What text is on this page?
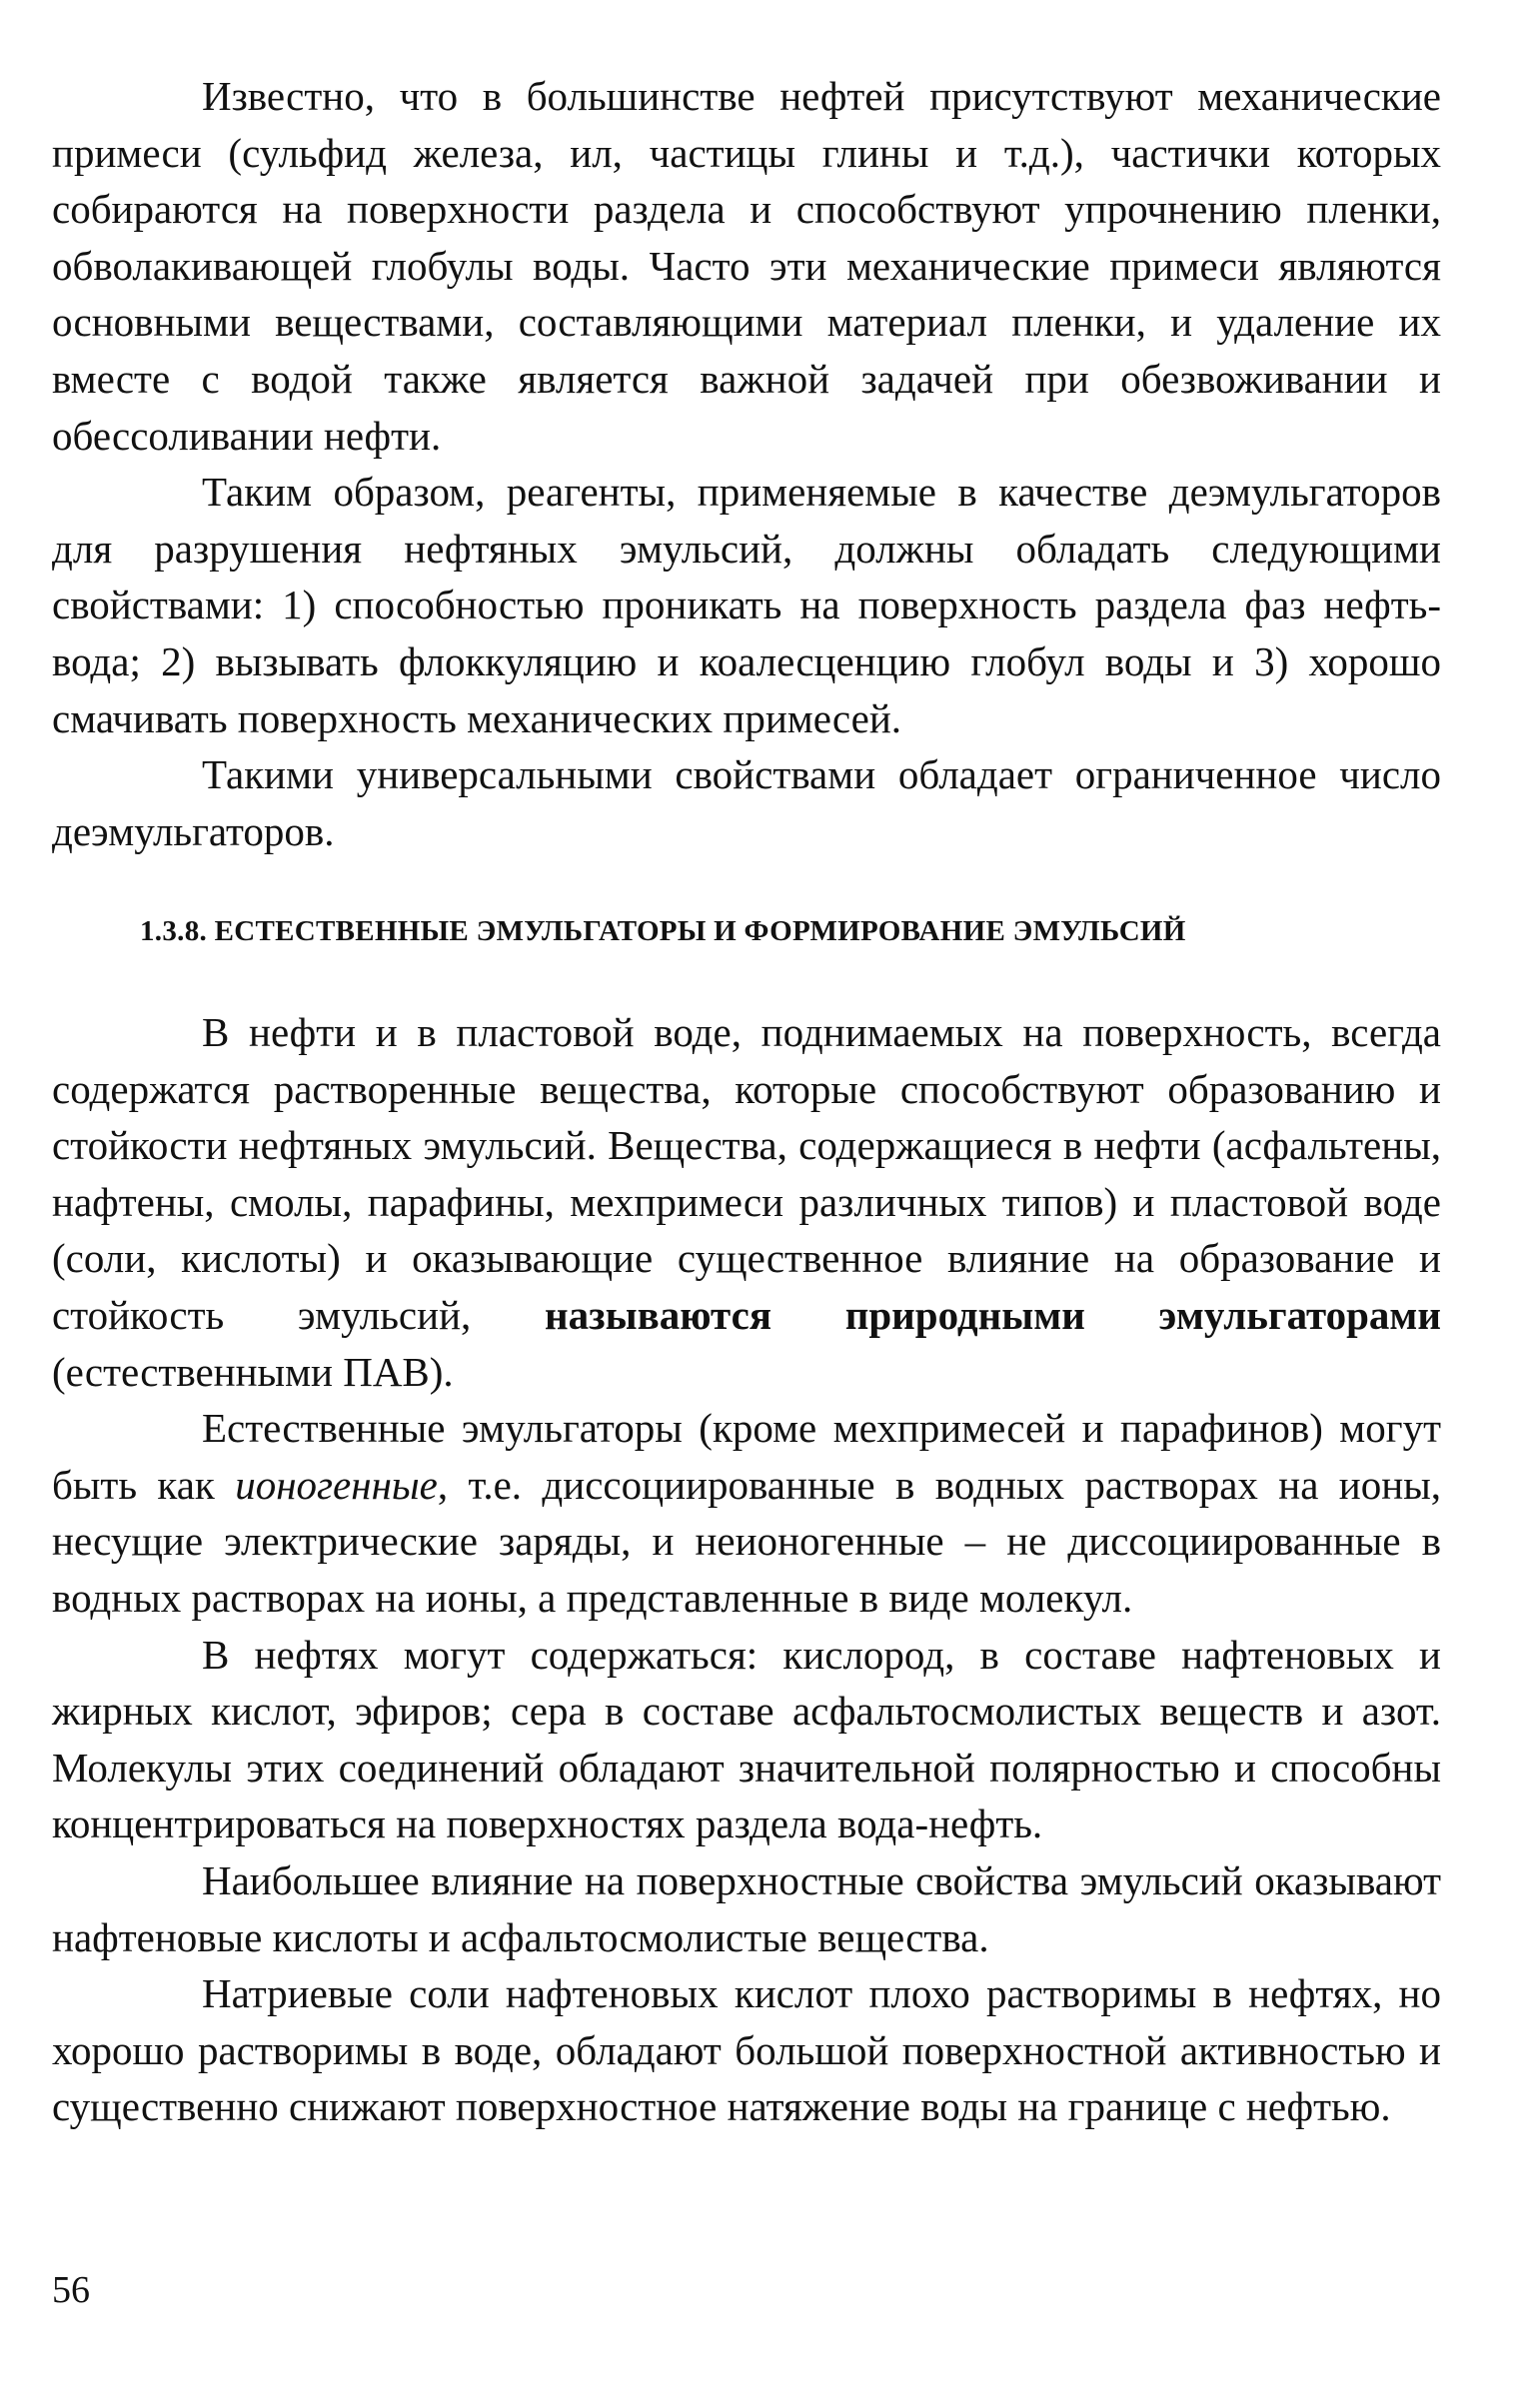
Известно, что в большинстве нефтей присутствуют механические примеси (сульфид железа, ил, частицы глины и т.д.), частички которых собираются на поверхности раздела и способствуют упрочнению пленки, обволакивающей глобулы воды. Часто эти механические примеси являются основными веществами, составляющими материал пленки, и удаление их вместе с водой также является важной задачей при обезвоживании и обессоливании нефти.

Таким образом, реагенты, применяемые в качестве деэмульгаторов для разрушения нефтяных эмульсий, должны обладать следующими свойствами: 1) способностью проникать на поверхность раздела фаз нефть-вода; 2) вызывать флоккуляцию и коалесценцию глобул воды и 3) хорошо смачивать поверхность механических примесей.

Такими универсальными свойствами обладает ограниченное число деэмульгаторов.

1.3.8. ЕСТЕСТВЕННЫЕ ЭМУЛЬГАТОРЫ И ФОРМИРОВАНИЕ ЭМУЛЬСИЙ

В нефти и в пластовой воде, поднимаемых на поверхность, всегда содержатся растворенные вещества, которые способствуют образованию и стойкости нефтяных эмульсий. Вещества, содержащиеся в нефти (асфальтены, нафтены, смолы, парафины, мехпримеси различных типов) и пластовой воде (соли, кислоты) и оказывающие существенное влияние на образование и стойкость эмульсий, называются природными эмульгаторами (естественными ПАВ).

Естественные эмульгаторы (кроме мехпримесей и парафинов) могут быть как ионогенные, т.е. диссоциированные в водных растворах на ионы, несущие электрические заряды, и неионогенные – не диссоциированные в водных растворах на ионы, а представленные в виде молекул.

В нефтях могут содержаться: кислород, в составе нафтеновых и жирных кислот, эфиров; сера в составе асфальтосмолистых веществ и азот. Молекулы этих соединений обладают значительной полярностью и способны концентрироваться на поверхностях раздела вода-нефть.

Наибольшее влияние на поверхностные свойства эмульсий оказывают нафтеновые кислоты и асфальтосмолистые вещества.

Натриевые соли нафтеновых кислот плохо растворимы в нефтях, но хорошо растворимы в воде, обладают большой поверхностной активностью и существенно снижают поверхностное натяжение воды на границе с нефтью.

56
